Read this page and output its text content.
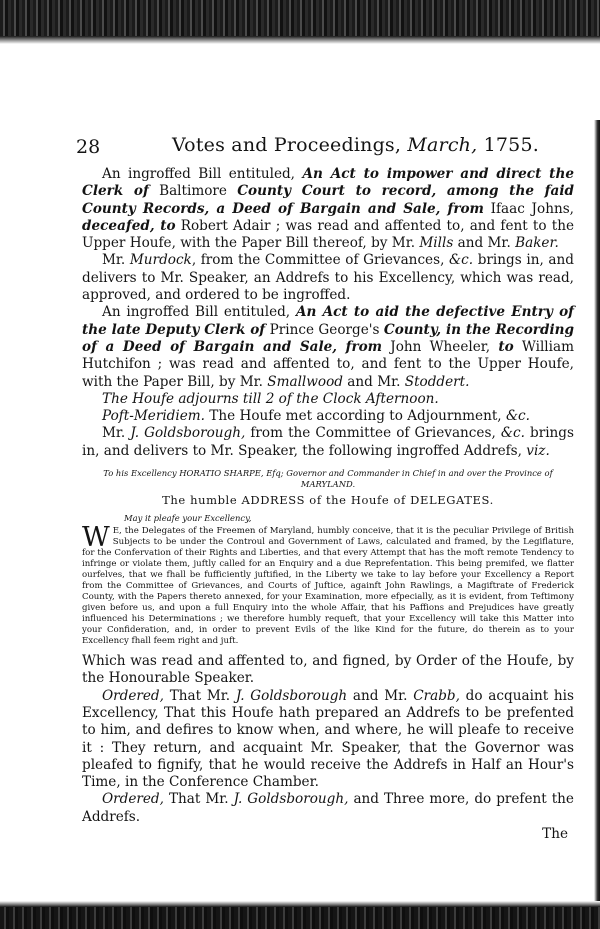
28	Votes and Proceedings, March, 1755.

An ingroffed Bill entituled, An Act to impower and direct the Clerk of Baltimore County Court to record, among the faid County Records, a Deed of Bargain and Sale, from Ifaac Johns, deceafed, to Robert Adair ; was read and affented to, and fent to the Upper Houfe, with the Paper Bill thereof, by Mr. Mills and Mr. Baker.

Mr. Murdock, from the Committee of Grievances, &c. brings in, and delivers to Mr. Speaker, an Addrefs to his Excellency, which was read, approved, and ordered to be ingroffed.

An ingroffed Bill entituled, An Act to aid the defective Entry of the late Deputy Clerk of Prince George's County, in the Recording of a Deed of Bargain and Sale, from John Wheeler, to William Hutchifon ; was read and affented to, and fent to the Upper Houfe, with the Paper Bill, by Mr. Smallwood and Mr. Stoddert.

The Houfe adjourns till 2 of the Clock Afternoon.

Poft-Meridiem. The Houfe met according to Adjournment, &c.

Mr. J. Goldsborough, from the Committee of Grievances, &c. brings in, and delivers to Mr. Speaker, the following ingroffed Addrefs, viz.

To his Excellency HORATIO SHARPE, Efq; Governor and Commander in Chief in and over the Province of MARYLAND.

The humble ADDRESS of the Houfe of DELEGATES.

May it pleafe your Excellency,

W E, the Delegates of the Freemen of Maryland, humbly conceive, that it is the peculiar Privilege of British Subjects to be under the Controul and Government of Laws, calculated and framed, by the Legiflature, for the Confervation of their Rights and Liberties, and that every Attempt that has the moft remote Tendency to infringe or violate them, juftly called for an Enquiry and a due Reprefentation. This being premifed, we flatter ourfelves, that we fhall be fufficiently juftified, in the Liberty we take to lay before your Excellency a Report from the Committee of Grievances, and Courts of Juftice, againft John Rawlings, a Magiftrate of Frederick County, with the Papers thereto annexed, for your Examination, more efpecially, as it is evident, from Teftimony given before us, and upon a full Enquiry into the whole Affair, that his Paffions and Prejudices have greatly influenced his Determinations ; we therefore humbly requeft, that your Excellency will take this Matter into your Confideration, and, in order to prevent Evils of the like Kind for the future, do therein as to your Excellency fhall feem right and juft.

Which was read and affented to, and figned, by Order of the Houfe, by the Honourable Speaker.

Ordered, That Mr. J. Goldsborough and Mr. Crabb, do acquaint his Excellency, That this Houfe hath prepared an Addrefs to be prefented to him, and defires to know when, and where, he will pleafe to receive it : They return, and acquaint Mr. Speaker, that the Governor was pleafed to fignify, that he would receive the Addrefs in Half an Hour's Time, in the Conference Chamber.

Ordered, That Mr. J. Goldsborough, and Three more, do prefent the Addrefs.

The
